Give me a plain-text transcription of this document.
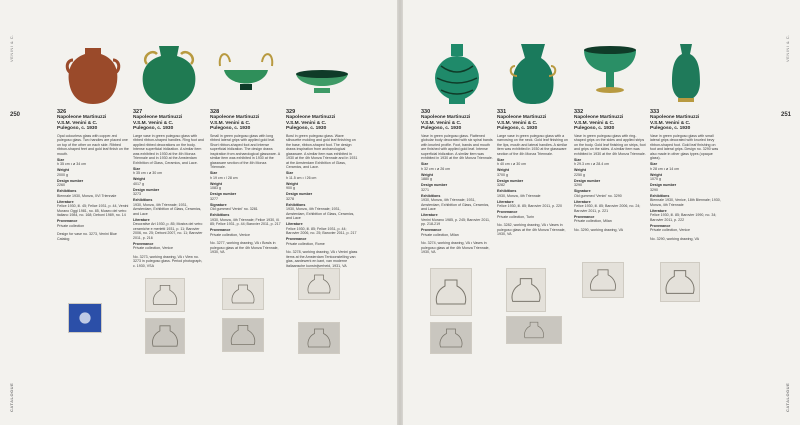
VENINI & C.
250
CATALOGUE
VENINI & C.
251
CATALOGUE
326
Napoleone Martinuzzi
V.S.M. Venini & C.
Pulegoso, c. 1930
Opal colourless glass with copper-red pulegoso glass. Two handles are placed one on top of the other on each side. Ribbed ribbon-shaped feet and gold leaf finish on the mouth.
Size
h 35 cm • ø 34 cm
Weight
2000 g
Design number
2260
Exhibitions
Biennale 1930, Monza, XVI Triennale
Literature
Felice 1930, ill. 45; Felice 1931, p. 44, Venini Murano Oggi 1981, no. 85, Museo del vetro italiano 1984, no. 168; Deboni 1989, no. 14
Provenance
Private collection
Design for vase no. 3273, Venini Blue Catalog
327
Napoleone Martinuzzi
V.S.M. Venini & C.
Pulegoso, c. 1930
Large vase in green pulegoso glass with ribbed ribbon-shaped handles. Ring foot and applied ribbed decorations on the body. Intense superficial iridization. A similar item was exhibited in 1930 at the 4th Monza Triennale and in 1930 at the Amsterdam Exhibition of Glass, Ceramics, and Lace.
Size
h 35 cm • ø 30 cm
Weight
4017 g
Design number
3273
Exhibitions
1930, Monza, 4th Triennale; 1931, Amsterdam, Exhibition of Glass, Ceramics, and Lace
Literature
Decorative Art 1930, p. 85; Mostra del vetro ceramiche e merletti 1931, p. 11; Barovier 2006, no. 25; Deboni 2007, no. 11; Barovier 2011, p. 216
Provenance
Private collection, Venice
No. 3273, working drawing, VA • View no. 3273 in pulegoso glass. Period photograph, c. 1930, VSA
328
Napoleone Martinuzzi
V.S.M. Venini & C.
Pulegoso, c. 1930
Small in green pulegoso glass with long ribbed lateral grips with applied gold leaf. Short ribbon-shaped foot and intense superficial iridization. The design draws inspiration from archaeological glassware. A similar item was exhibited in 1930 at the glassware section of the 4th Monza Triennale.
Size
h 19 cm • l 28 cm
Weight
1083 g
Design number
3277
Signature
Old gummed 'Venini' no. 3281
Exhibitions
1930, Monza, 4th Triennale; Felice 1930, ill. 85; Felice 1931, p. 44; Barovier 2011, p. 217
Provenance
Private collection, Venice
No. 3277, working drawing, VA • Bowls in pulegoso glass at the 4th Monza Triennale, 1930, VA
329
Napoleone Martinuzzi
V.S.M. Venini & C.
Pulegoso, c. 1930
Bowl in green pulegoso glass. Wave silhouette molding and gold leaf finishing on the base, ribbon-shaped foot. The design draws inspiration from archaeological glassware. A similar item was exhibited in 1930 at the 4th Monza Triennale and in 1931 at the Amsterdam Exhibition of Glass, Ceramics, and Lace.
Size
h 11.5 cm • l 26 cm
Weight
900 g
Design number
3278
Exhibitions
1930, Monza, 4th Triennale; 1931, Amsterdam, Exhibition of Glass, Ceramics, and Lace
Literature
Felice 1930, ill. 85; Felice 1931, p. 44; Barovier 2006, no. 25; Barovier 2011, p. 217
Provenance
Private collection, Rome
No. 3278, working drawing, VA • Venini glass items at the Amsterdam Tentoonstelling van glas, aardewerk en kant, van moderne Italiaansche kunstnijverheid, 1931, VA
330
Napoleone Martinuzzi
V.S.M. Venini & C.
Pulegoso, c. 1930
Vase in green pulegoso glass. Flattened globular body decorated with six spiral bands with knurled profile. Foot, bands and mouth are finished with applied gold leaf. Intense superficial iridization. A similar item was exhibited in 1930 at the 4th Monza Triennale.
Size
h 32 cm • ø 26 cm
Weight
1880 g
Design number
3271
Exhibitions
1930, Monza, 4th Triennale; 1931, Amsterdam, Exhibition of Glass, Ceramics, and Lace
Literature
Venini Murano 1985, p. 245; Barovier 2011, pp. 218-219
Provenance
Private collection, Milan
No. 3274, working drawing, VA • Vases in pulegoso glass at the 4th Monza Triennale, 1930, VA
331
Napoleone Martinuzzi
V.S.M. Venini & C.
Pulegoso, c. 1930
Large vase in green pulegoso glass with a narrowing on the neck. Gold leaf finishing on the lips, mouth and lateral handles. A similar item was exhibited in 1930 at the glassware section of the 4th Monza Triennale.
Size
h 40 cm • ø 30 cm
Weight
3700 g
Design number
3282
Exhibitions
1930, Monza, 4th Triennale
Literature
Felice 1930, ill. 85; Barovier 2011, p. 220
Provenance
Private collection, Turin
No. 3282, working drawing, VA • Vases in pulegoso glass at the 4th Monza Triennale, 1930, VA
332
Napoleone Martinuzzi
V.S.M. Venini & C.
Pulegoso, c. 1930
Vase in green pulegoso glass with ring-shaped grips on the sides and applied strips on the body. Gold leaf finishing on strips, foot and grips on the sides. A similar item was exhibited in 1930 at the 4th Monza Triennale.
Size
h 29.3 cm • ø 28.4 cm
Weight
2250 g
Design number
3290
Signature
Old gummed 'Venini' no. 3290
Literature
Felice 1930, ill. 85; Barovier 2006, no. 24; Barovier 2011, p. 221
Provenance
Private collection, Milan
No. 3290, working drawing, VA
333
Napoleone Martinuzzi
V.S.M. Venini & C.
Pulegoso, c. 1930
Vase in green pulegoso glass with small lateral grips decorated with knurled bevy ribbon-shaped foot. Gold leaf finishing on foot and lateral grips. Design no. 3290 was also made in other glass types (opaque glass).
Size
h 28 cm • ø 14 cm
Weight
1070 g
Design number
3290
Exhibitions
Biennale 1930, Venice, 18th Biennale; 1930, Monza, 4th Triennale
Literature
Felice 1930, ill. 85; Barovier 1990, no. 34; Barovier 2011, p. 222
Provenance
Private collection, Venice
No. 3290, working drawing, VA
